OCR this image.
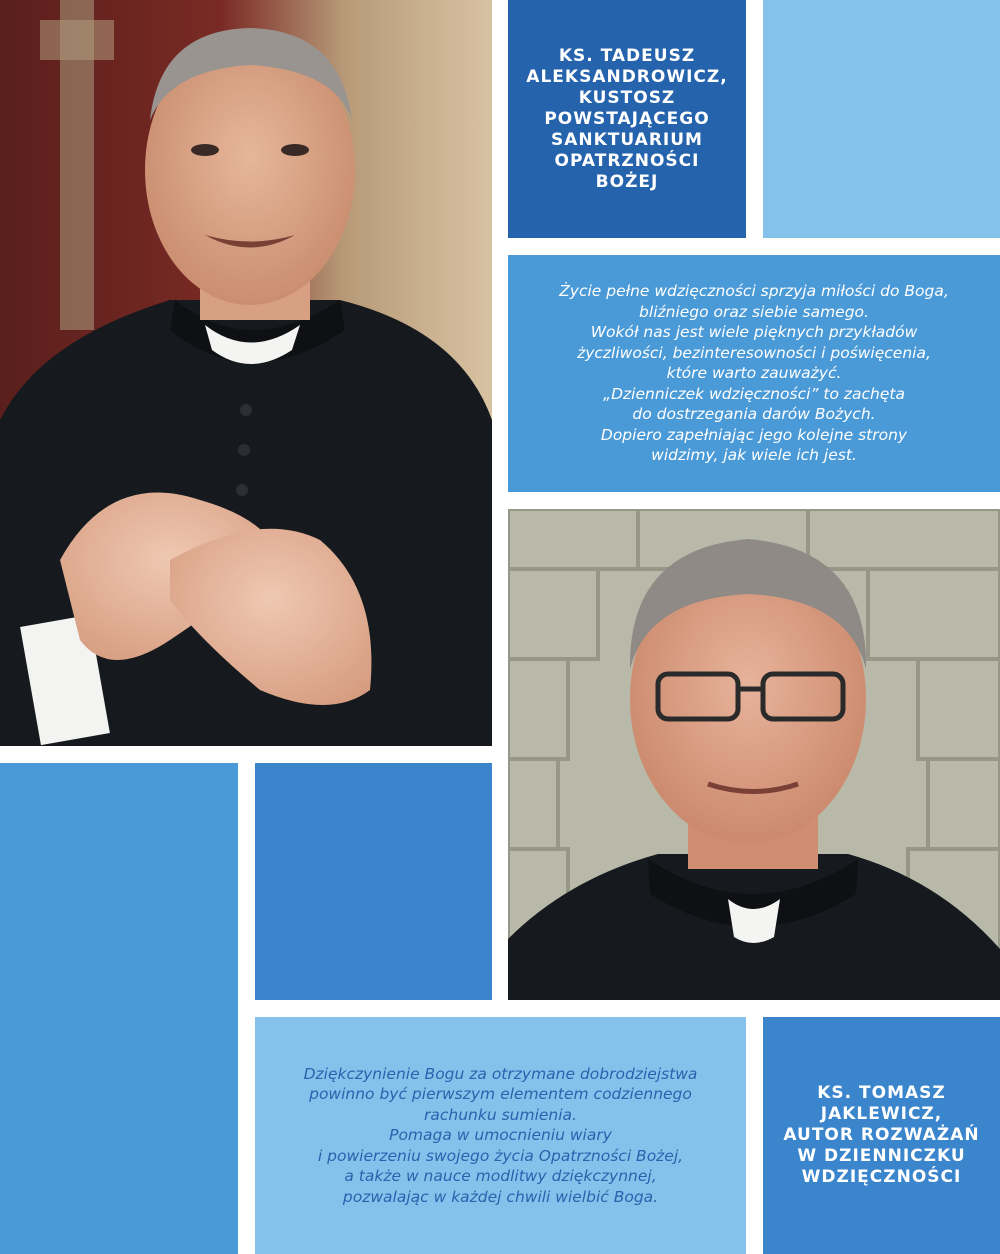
KS. TADEUSZ
ALEKSANDROWICZ,
KUSTOSZ
POWSTAJĄCEGO
SANKTUARIUM
OPATRZNOŚCI
BOŻEJ
Życie pełne wdzięczności sprzyja miłości do Boga,
bliźniego oraz siebie samego.
Wokół nas jest wiele pięknych przykładów
życzliwości, bezinteresowności i poświęcenia,
które warto zauważyć.
„Dzienniczek wdzięczności” to zachęta
do dostrzegania darów Bożych.
Dopiero zapełniając jego kolejne strony
widzimy, jak wiele ich jest.
Dziękczynienie Bogu za otrzymane dobrodziejstwa
powinno być pierwszym elementem codziennego
rachunku sumienia.
Pomaga w umocnieniu wiary
i powierzeniu swojego życia Opatrzności Bożej,
a także w nauce modlitwy dziękczynnej,
pozwalając w każdej chwili wielbić Boga.
KS. TOMASZ
JAKLEWICZ,
AUTOR ROZWAŻAŃ
W DZIENNICZKU
WDZIĘCZNOŚCI
